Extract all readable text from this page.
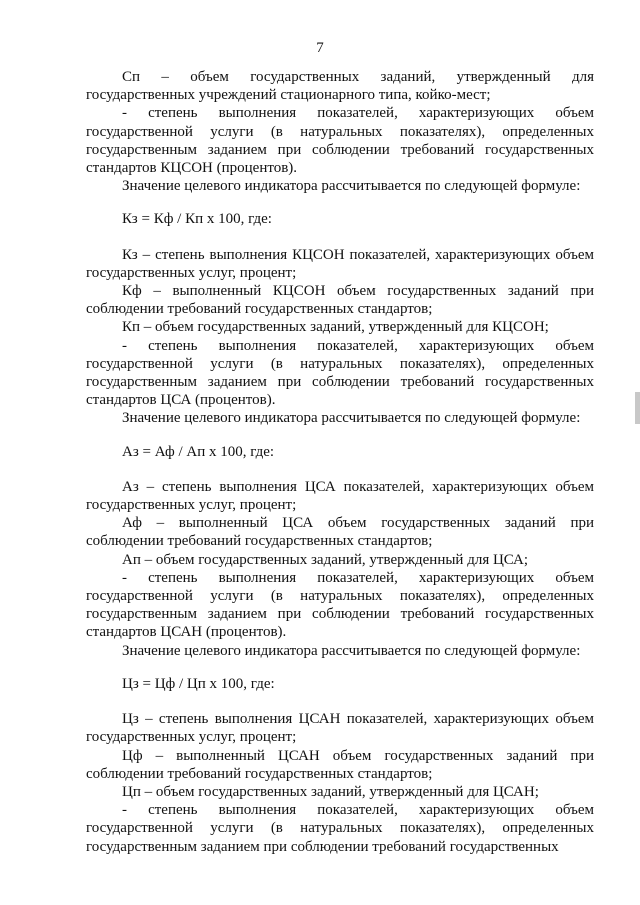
7

Сп – объем государственных заданий, утвержденный для государственных учреждений стационарного типа, койко-мест;

- степень выполнения показателей, характеризующих объем государственной услуги (в натуральных показателях), определенных государственным заданием при соблюдении требований государственных стандартов КЦСОН (процентов).

Значение целевого индикатора рассчитывается по следующей формуле:

Кз = Кф / Кп х 100, где:

Кз – степень выполнения КЦСОН показателей, характеризующих объем государственных услуг, процент;

Кф – выполненный КЦСОН объем государственных заданий при соблюдении требований государственных стандартов;

Кп – объем государственных заданий, утвержденный для КЦСОН;

- степень выполнения показателей, характеризующих объем государственной услуги (в натуральных показателях), определенных государственным заданием при соблюдении требований государственных стандартов ЦСА (процентов).

Значение целевого индикатора рассчитывается по следующей формуле:

Аз = Аф / Ап х 100, где:

Аз – степень выполнения ЦСА показателей, характеризующих объем государственных услуг, процент;

Аф – выполненный ЦСА объем государственных заданий при соблюдении требований государственных стандартов;

Ап – объем государственных заданий, утвержденный для ЦСА;

- степень выполнения показателей, характеризующих объем государственной услуги (в натуральных показателях), определенных государственным заданием при соблюдении требований государственных стандартов ЦСАН (процентов).

Значение целевого индикатора рассчитывается по следующей формуле:

Цз = Цф / Цп х 100, где:

Цз – степень выполнения ЦСАН показателей, характеризующих объем государственных услуг, процент;

Цф – выполненный ЦСАН объем государственных заданий при соблюдении требований государственных стандартов;

Цп – объем государственных заданий, утвержденный для ЦСАН;

- степень выполнения показателей, характеризующих объем государственной услуги (в натуральных показателях), определенных государственным заданием при соблюдении требований государственных
